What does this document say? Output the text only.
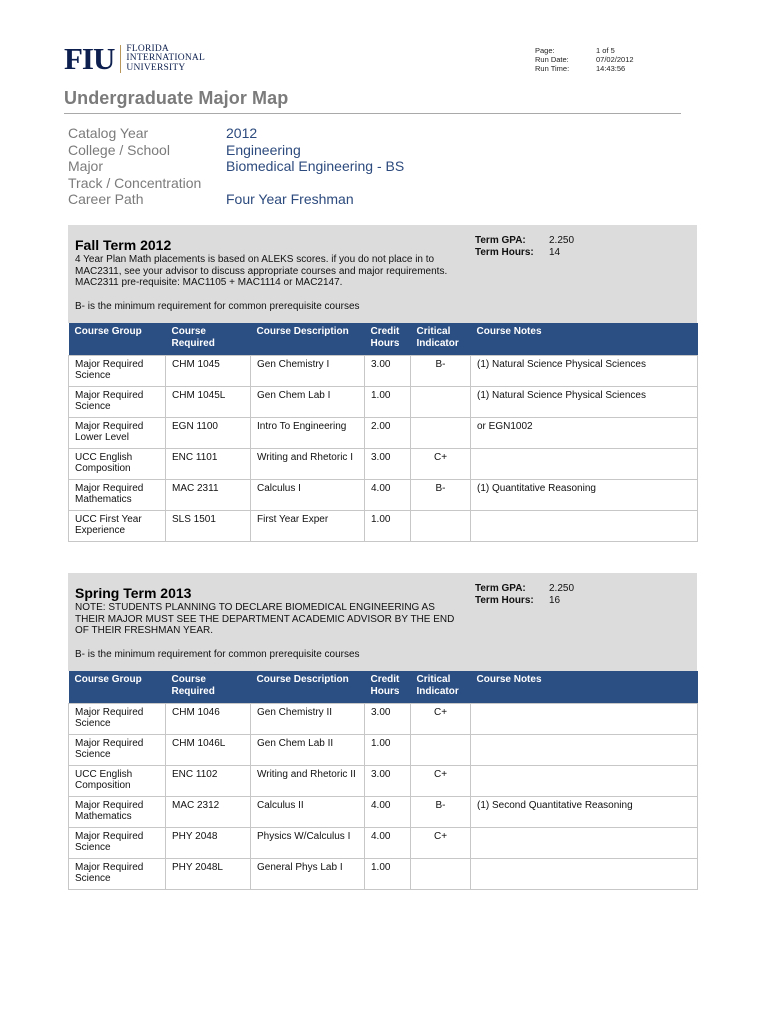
FIU FLORIDA
INTERNATIONAL
UNIVERSITY
Page:	1 of 5
Run Date:	07/02/2012
Run Time:	14:43:56
Undergraduate Major Map
Catalog Year	2012
College / School	Engineering
Major	Biomedical Engineering - BS
Track / Concentration
Career Path	Four Year Freshman
Fall Term 2012

4 Year Plan Math placements is based on ALEKS scores. if you do not place in to MAC2311, see your advisor to discuss appropriate courses and major requirements.

MAC2311 pre-requisite: MAC1105 + MAC1114 or MAC2147.

B- is the minimum requirement for common prerequisite courses
Term GPA:	2.250
Term Hours:	14
Course Group	Course Required	Course Description	Credit Hours	Critical Indicator	Course Notes
Major Required Science	CHM 1045	Gen Chemistry I	3.00	B-	(1) Natural Science Physical Sciences
Major Required Science	CHM 1045L	Gen Chem Lab I	1.00		(1) Natural Science Physical Sciences
Major Required Lower Level	EGN 1100	Intro To Engineering	2.00		or EGN1002
UCC English Composition	ENC 1101	Writing and Rhetoric I	3.00	C+	
Major Required Mathematics	MAC 2311	Calculus I	4.00	B-	(1) Quantitative Reasoning
UCC First Year Experience	SLS 1501	First Year Exper	1.00		
Spring Term 2013

NOTE: STUDENTS PLANNING TO DECLARE BIOMEDICAL ENGINEERING AS THEIR MAJOR MUST SEE THE DEPARTMENT ACADEMIC ADVISOR BY THE END OF THEIR FRESHMAN YEAR.

B- is the minimum requirement for common prerequisite courses
Term GPA:	2.250
Term Hours:	16
Course Group	Course Required	Course Description	Credit Hours	Critical Indicator	Course Notes
Major Required Science	CHM 1046	Gen Chemistry II	3.00	C+	
Major Required Science	CHM 1046L	Gen Chem Lab II	1.00		
UCC English Composition	ENC 1102	Writing and Rhetoric II	3.00	C+	
Major Required Mathematics	MAC 2312	Calculus II	4.00	B-	(1) Second Quantitative Reasoning
Major Required Science	PHY 2048	Physics W/Calculus I	4.00	C+	
Major Required Science	PHY 2048L	General Phys Lab I	1.00		
